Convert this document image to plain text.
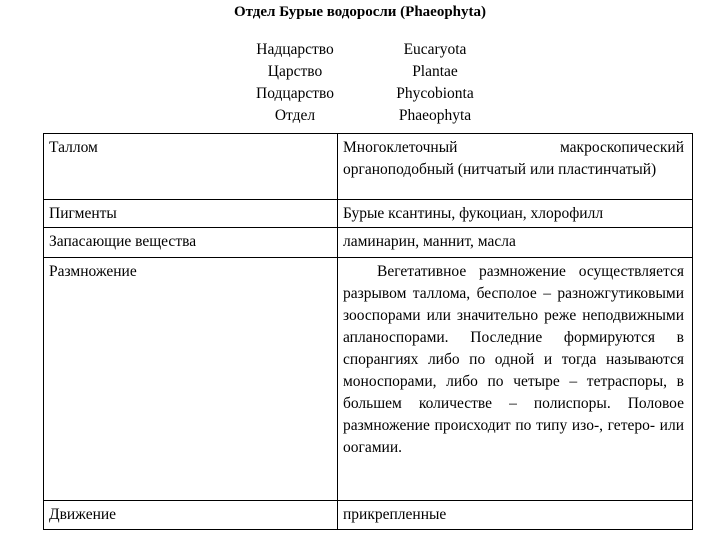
Отдел Бурые водоросли (Phaeophyta)
Надцарство	Eucaryota
Царство	Plantae
Подцарство	Phycobionta
Отдел	Phaeophyta
Таллом	Многоклеточный макроскопический органоподобный (нитчатый или пластинчатый)
Пигменты	Бурые ксантины, фукоциан, хлорофилл
Запасающие вещества	ламинарин, маннит, масла
Размножение	Вегетативное размножение осуществляется разрывом таллома, бесполое – разножгутиковыми зооспорами или значительно реже неподвижными апланоспорами. Последние формируются в спорангиях либо по одной и тогда называются моноспорами, либо по четыре – тетраспоры, в большем количестве – полиспоры. Половое размножение происходит по типу изо-, гетеро- или оогамии.
Движение	прикрепленные
